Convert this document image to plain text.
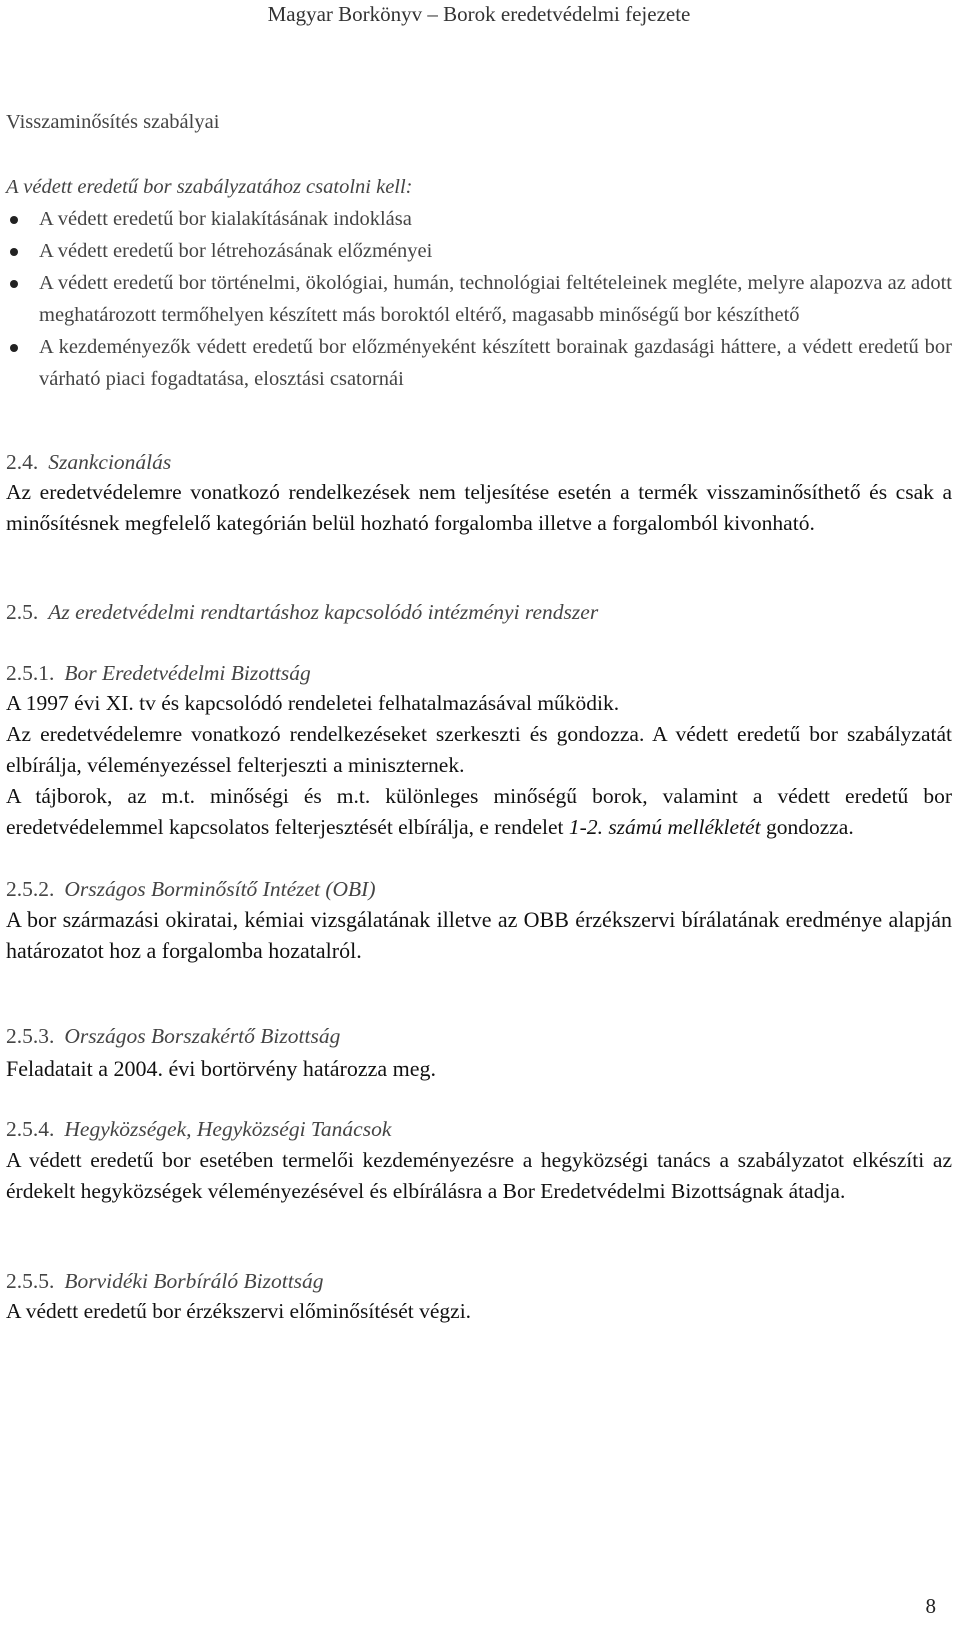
Magyar Borkönyv – Borok eredetvédelmi fejezete
Visszaminősítés szabályai
A védett eredetű bor szabályzatához csatolni kell:
A védett eredetű bor kialakításának indoklása
A védett eredetű bor létrehozásának előzményei
A védett eredetű bor történelmi, ökológiai, humán, technológiai feltételeinek megléte, melyre alapozva az adott meghatározott termőhelyen készített más boroktól eltérő, magasabb minőségű bor készíthető
A kezdeményezők védett eredetű bor előzményeként készített borainak gazdasági háttere, a védett eredetű bor várható piaci fogadtatása, elosztási csatornái
2.4. Szankcionálás
Az eredetvédelemre vonatkozó rendelkezések nem teljesítése esetén a termék visszaminősíthető és csak a minősítésnek megfelelő kategórián belül hozható forgalomba illetve a forgalomból kivonható.
2.5. Az eredetvédelmi rendtartáshoz kapcsolódó intézményi rendszer
2.5.1. Bor Eredetvédelmi Bizottság
A 1997 évi XI. tv és kapcsolódó rendeletei felhatalmazásával működik.
Az eredetvédelemre vonatkozó rendelkezéseket szerkeszti és gondozza. A védett eredetű bor szabályzatát elbírálja, véleményezéssel felterjeszti a miniszternek.
A tájborok, az m.t. minőségi és m.t. különleges minőségű borok, valamint a védett eredetű bor eredetvédelemmel kapcsolatos felterjesztését elbírálja, e rendelet 1-2. számú mellékletét gondozza.
2.5.2. Országos Borminősítő Intézet (OBI)
A bor származási okiratai, kémiai vizsgálatának illetve az OBB érzékszervi bírálatának eredménye alapján határozatot hoz a forgalomba hozatalról.
2.5.3. Országos Borszakértő Bizottság
Feladatait a 2004. évi bortörvény határozza meg.
2.5.4. Hegyközségek, Hegyközségi Tanácsok
A védett eredetű bor esetében termelői kezdeményezésre a hegyközségi tanács a szabályzatot elkészíti az érdekelt hegyközségek véleményezésével és elbírálásra a Bor Eredetvédelmi Bizottságnak átadja.
2.5.5. Borvidéki Borbíráló Bizottság
A védett eredetű bor érzékszervi előminősítését végzi.
8
